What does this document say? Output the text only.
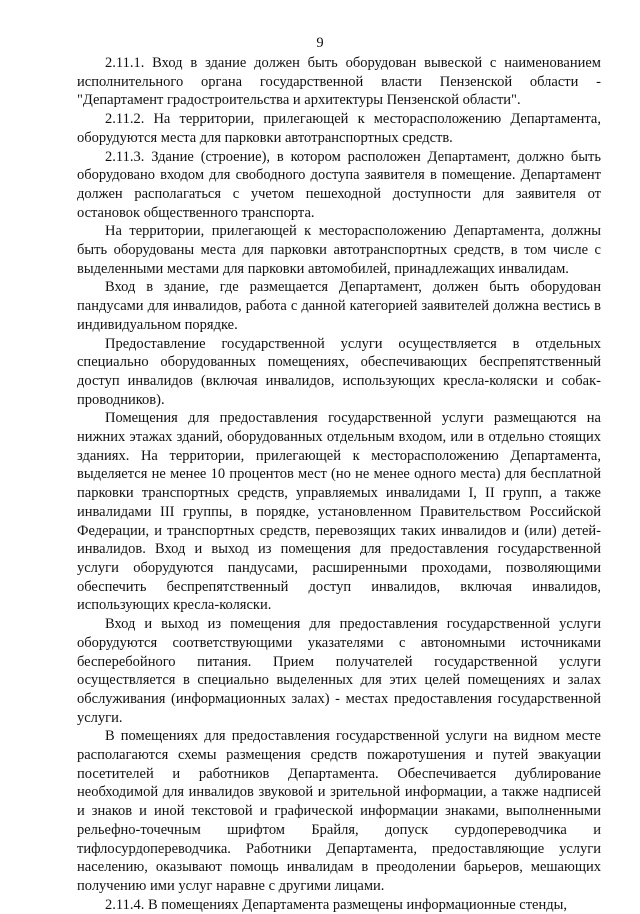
9

2.11.1. Вход в здание должен быть оборудован вывеской с наименованием исполнительного органа государственной власти Пензенской области - "Департамент градостроительства и архитектуры Пензенской области".

2.11.2. На территории, прилегающей к месторасположению Департамента, оборудуются места для парковки автотранспортных средств.

2.11.3. Здание (строение), в котором расположен Департамент, должно быть оборудовано входом для свободного доступа заявителя в помещение. Департамент должен располагаться с учетом пешеходной доступности для заявителя от остановок общественного транспорта.

На территории, прилегающей к месторасположению Департамента, должны быть оборудованы места для парковки автотранспортных средств, в том числе с выделенными местами для парковки автомобилей, принадлежащих инвалидам.

Вход в здание, где размещается Департамент, должен быть оборудован пандусами для инвалидов, работа с данной категорией заявителей должна вестись в индивидуальном порядке.

Предоставление государственной услуги осуществляется в отдельных специально оборудованных помещениях, обеспечивающих беспрепятственный доступ инвалидов (включая инвалидов, использующих кресла-коляски и собак-проводников).

Помещения для предоставления государственной услуги размещаются на нижних этажах зданий, оборудованных отдельным входом, или в отдельно стоящих зданиях. На территории, прилегающей к месторасположению Департамента, выделяется не менее 10 процентов мест (но не менее одного места) для бесплатной парковки транспортных средств, управляемых инвалидами I, II групп, а также инвалидами III группы, в порядке, установленном Правительством Российской Федерации, и транспортных средств, перевозящих таких инвалидов и (или) детей-инвалидов. Вход и выход из помещения для предоставления государственной услуги оборудуются пандусами, расширенными проходами, позволяющими обеспечить беспрепятственный доступ инвалидов, включая инвалидов, использующих кресла-коляски.

Вход и выход из помещения для предоставления государственной услуги оборудуются соответствующими указателями с автономными источниками бесперебойного питания. Прием получателей государственной услуги осуществляется в специально выделенных для этих целей помещениях и залах обслуживания (информационных залах) - местах предоставления государственной услуги.

В помещениях для предоставления государственной услуги на видном месте располагаются схемы размещения средств пожаротушения и путей эвакуации посетителей и работников Департамента. Обеспечивается дублирование необходимой для инвалидов звуковой и зрительной информации, а также надписей и знаков и иной текстовой и графической информации знаками, выполненными рельефно-точечным шрифтом Брайля, допуск сурдопереводчика и тифлосурдопереводчика. Работники Департамента, предоставляющие услуги населению, оказывают помощь инвалидам в преодолении барьеров, мешающих получению ими услуг наравне с другими лицами.

2.11.4. В помещениях Департамента размещены информационные стенды,
